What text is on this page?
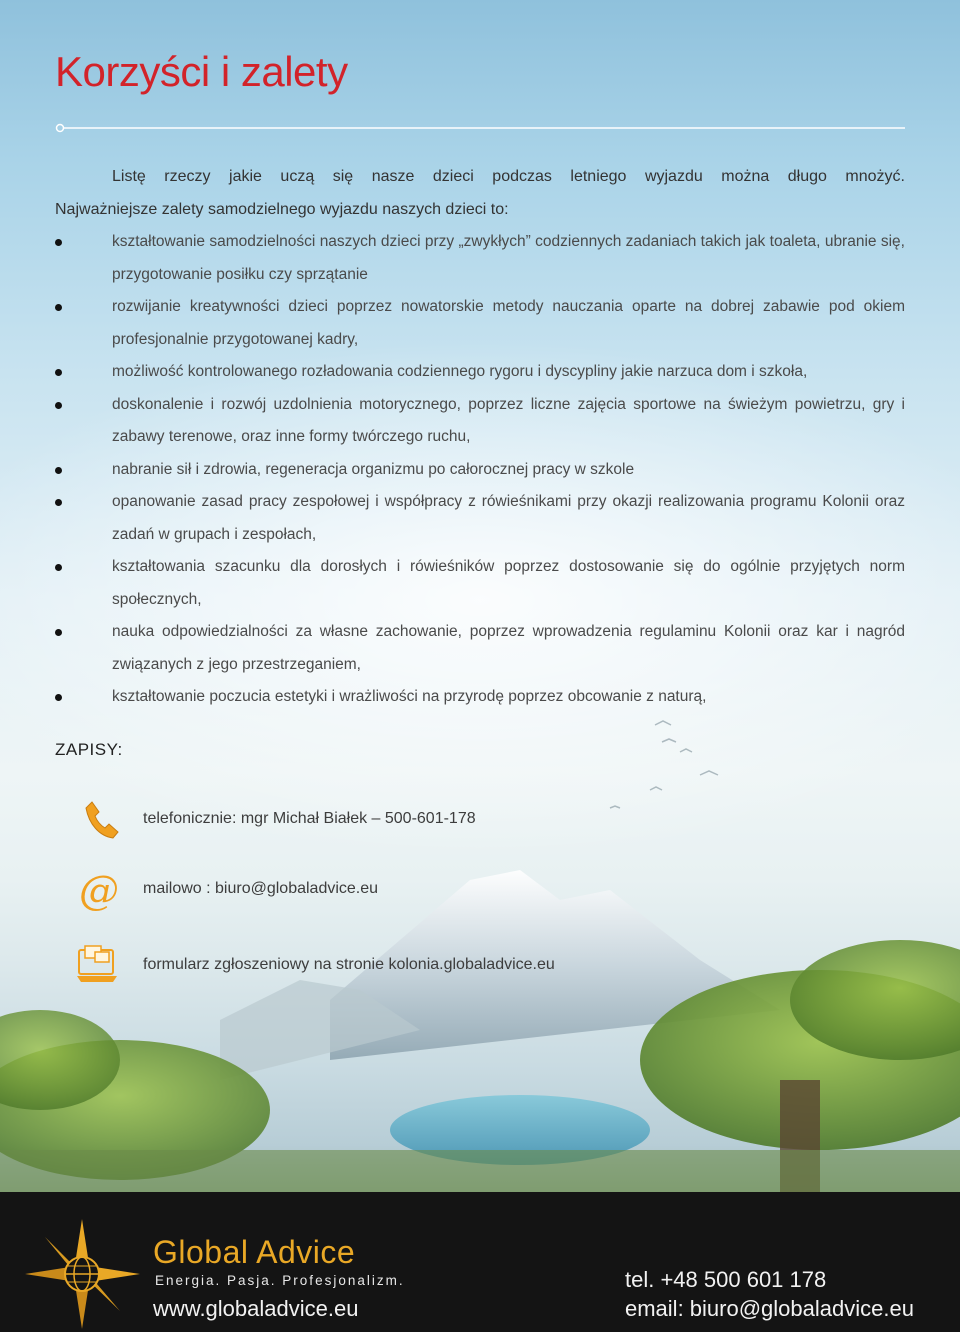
Korzyści i zalety
Listę rzeczy jakie uczą się nasze dzieci podczas letniego wyjazdu można długo mnożyć.
Najważniejsze zalety samodzielnego wyjazdu naszych dzieci to:
kształtowanie samodzielności naszych dzieci przy „zwykłych” codziennych zadaniach takich jak toaleta, ubranie się, przygotowanie posiłku czy sprzątanie
rozwijanie kreatywności dzieci poprzez nowatorskie metody nauczania oparte na dobrej zabawie pod okiem profesjonalnie przygotowanej kadry,
możliwość kontrolowanego rozładowania codziennego rygoru i dyscypliny jakie narzuca dom i szkoła,
doskonalenie i rozwój uzdolnienia motorycznego, poprzez liczne zajęcia sportowe na świeżym powietrzu, gry i zabawy terenowe, oraz inne formy twórczego ruchu,
nabranie sił i zdrowia, regeneracja organizmu po całorocznej pracy w szkole
opanowanie zasad pracy zespołowej i współpracy z rówieśnikami przy okazji realizowania programu Kolonii oraz zadań w grupach i zespołach,
kształtowania szacunku dla dorosłych i rówieśników poprzez dostosowanie się do ogólnie przyjętych norm społecznych,
nauka odpowiedzialności za własne zachowanie, poprzez wprowadzenia regulaminu Kolonii oraz kar i nagród związanych z jego przestrzeganiem,
kształtowanie poczucia estetyki i wrażliwości na przyrodę poprzez obcowanie z naturą,
ZAPISY:
telefonicznie: mgr Michał Białek – 500-601-178
@ mailowo : biuro@globaladvice.eu
formularz zgłoszeniowy na stronie kolonia.globaladvice.eu
Global Advice
Energia. Pasja. Profesjonalizm.
www.globaladvice.eu
tel. +48 500 601 178
email: biuro@globaladvice.eu
